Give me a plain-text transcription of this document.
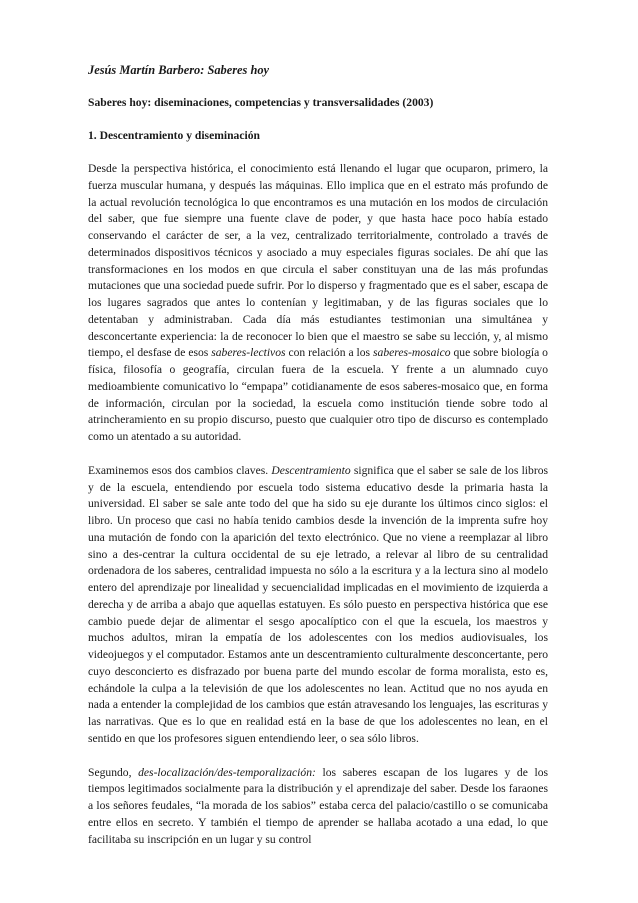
Jesús Martín Barbero: Saberes hoy
Saberes hoy: diseminaciones, competencias y transversalidades (2003)
1. Descentramiento y diseminación

Desde la perspectiva histórica, el conocimiento está llenando el lugar que ocuparon, primero, la fuerza muscular humana, y después las máquinas. Ello implica que en el estrato más profundo de la actual revolución tecnológica lo que encontramos es una mutación en los modos de circulación del saber, que fue siempre una fuente clave de poder, y que hasta hace poco había estado conservando el carácter de ser, a la vez, centralizado territorialmente, controlado a través de determinados dispositivos técnicos y asociado a muy especiales figuras sociales. De ahí que las transformaciones en los modos en que circula el saber constituyan una de las más profundas mutaciones que una sociedad puede sufrir. Por lo disperso y fragmentado que es el saber, escapa de los lugares sagrados que antes lo contenían y legitimaban, y de las figuras sociales que lo detentaban y administraban. Cada día más estudiantes testimonian una simultánea y desconcertante experiencia: la de reconocer lo bien que el maestro se sabe su lección, y, al mismo tiempo, el desfase de esos saberes-lectivos con relación a los saberes-mosaico que sobre biología o física, filosofía o geografía, circulan fuera de la escuela. Y frente a un alumnado cuyo medioambiente comunicativo lo “empapa” cotidianamente de esos saberes-mosaico que, en forma de información, circulan por la sociedad, la escuela como institución tiende sobre todo al atrincheramiento en su propio discurso, puesto que cualquier otro tipo de discurso es contemplado como un atentado a su autoridad.

Examinemos esos dos cambios claves. Descentramiento significa que el saber se sale de los libros y de la escuela, entendiendo por escuela todo sistema educativo desde la primaria hasta la universidad. El saber se sale ante todo del que ha sido su eje durante los últimos cinco siglos: el libro. Un proceso que casi no había tenido cambios desde la invención de la imprenta sufre hoy una mutación de fondo con la aparición del texto electrónico. Que no viene a reemplazar al libro sino a des-centrar la cultura occidental de su eje letrado, a relevar al libro de su centralidad ordenadora de los saberes, centralidad impuesta no sólo a la escritura y a la lectura sino al modelo entero del aprendizaje por linealidad y secuencialidad implicadas en el movimiento de izquierda a derecha y de arriba a abajo que aquellas estatuyen. Es sólo puesto en perspectiva histórica que ese cambio puede dejar de alimentar el sesgo apocalíptico con el que la escuela, los maestros y muchos adultos, miran la empatía de los adolescentes con los medios audiovisuales, los videojuegos y el computador. Estamos ante un descentramiento culturalmente desconcertante, pero cuyo desconcierto es disfrazado por buena parte del mundo escolar de forma moralista, esto es, echándole la culpa a la televisión de que los adolescentes no lean. Actitud que no nos ayuda en nada a entender la complejidad de los cambios que están atravesando los lenguajes, las escrituras y las narrativas. Que es lo que en realidad está en la base de que los adolescentes no lean, en el sentido en que los profesores siguen entendiendo leer, o sea sólo libros.

Segundo, des-localización/des-temporalización: los saberes escapan de los lugares y de los tiempos legitimados socialmente para la distribución y el aprendizaje del saber. Desde los faraones a los señores feudales, “la morada de los sabios” estaba cerca del palacio/castillo o se comunicaba entre ellos en secreto. Y también el tiempo de aprender se hallaba acotado a una edad, lo que facilitaba su inscripción en un lugar y su control
